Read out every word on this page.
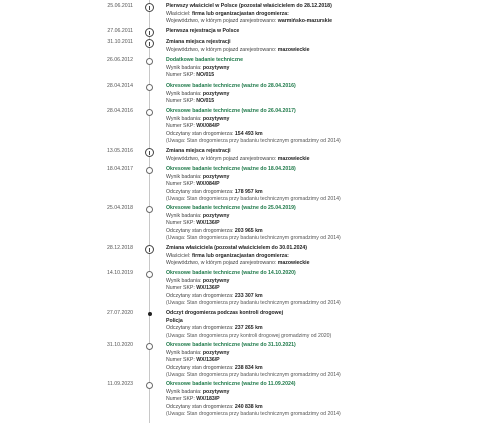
25.06.2011	Pierwszy właściciel w Polsce (pozostał właścicielem do 28.12.2018)
Właściciel: firma lub organizacjastan drogomierza:
Województwo, w którym pojazd zarejestrowano: warmińsko-mazurskie
27.06.2011	Pierwsza rejestracja w Polsce
31.10.2011	Zmiana miejsca rejestracji
Województwo, w którym pojazd zarejestrowano: mazowieckie
26.06.2012	Dodatkowe badanie techniczne
Wynik badania: pozytywny
Numer SKP: NO/015
28.04.2014	Okresowe badanie techniczne (ważne do 28.04.2016)
Wynik badania: pozytywny
Numer SKP: NO/015
28.04.2016	Okresowe badanie techniczne (ważne do 26.04.2017)
Wynik badania: pozytywny
Numer SKP: WX/084/P
Odczytany stan drogomierza: 154 493 km
(Uwaga: Stan drogomierza przy badaniu technicznym gromadzimy od 2014)
13.05.2016	Zmiana miejsca rejestracji
Województwo, w którym pojazd zarejestrowano: mazowieckie
18.04.2017	Okresowe badanie techniczne (ważne do 18.04.2018)
Wynik badania: pozytywny
Numer SKP: WX/084/P
Odczytany stan drogomierza: 178 957 km
(Uwaga: Stan drogomierza przy badaniu technicznym gromadzimy od 2014)
25.04.2018	Okresowe badanie techniczne (ważne do 25.04.2019)
Wynik badania: pozytywny
Numer SKP: WX/136/P
Odczytany stan drogomierza: 203 965 km
(Uwaga: Stan drogomierza przy badaniu technicznym gromadzimy od 2014)
28.12.2018	Zmiana właściciela (pozostał właścicielem do 30.01.2024)
Właściciel: firma lub organizacjastan drogomierza:
Województwo, w którym pojazd zarejestrowano: mazowieckie
14.10.2019	Okresowe badanie techniczne (ważne do 14.10.2020)
Wynik badania: pozytywny
Numer SKP: WX/136/P
Odczytany stan drogomierza: 233 307 km
(Uwaga: Stan drogomierza przy badaniu technicznym gromadzimy od 2014)
27.07.2020	Odczyt drogomierza podczas kontroli drogowej
Policja
Odczytany stan drogomierza: 237 265 km
(Uwaga: Stan drogomierza przy kontroli drogowej gromadzimy od 2020)
31.10.2020	Okresowe badanie techniczne (ważne do 31.10.2021)
Wynik badania: pozytywny
Numer SKP: WX/136/P
Odczytany stan drogomierza: 238 834 km
(Uwaga: Stan drogomierza przy badaniu technicznym gromadzimy od 2014)
11.09.2023	Okresowe badanie techniczne (ważne do 11.09.2024)
Wynik badania: pozytywny
Numer SKP: WX/183/P
Odczytany stan drogomierza: 240 838 km
(Uwaga: Stan drogomierza przy badaniu technicznym gromadzimy od 2014)
